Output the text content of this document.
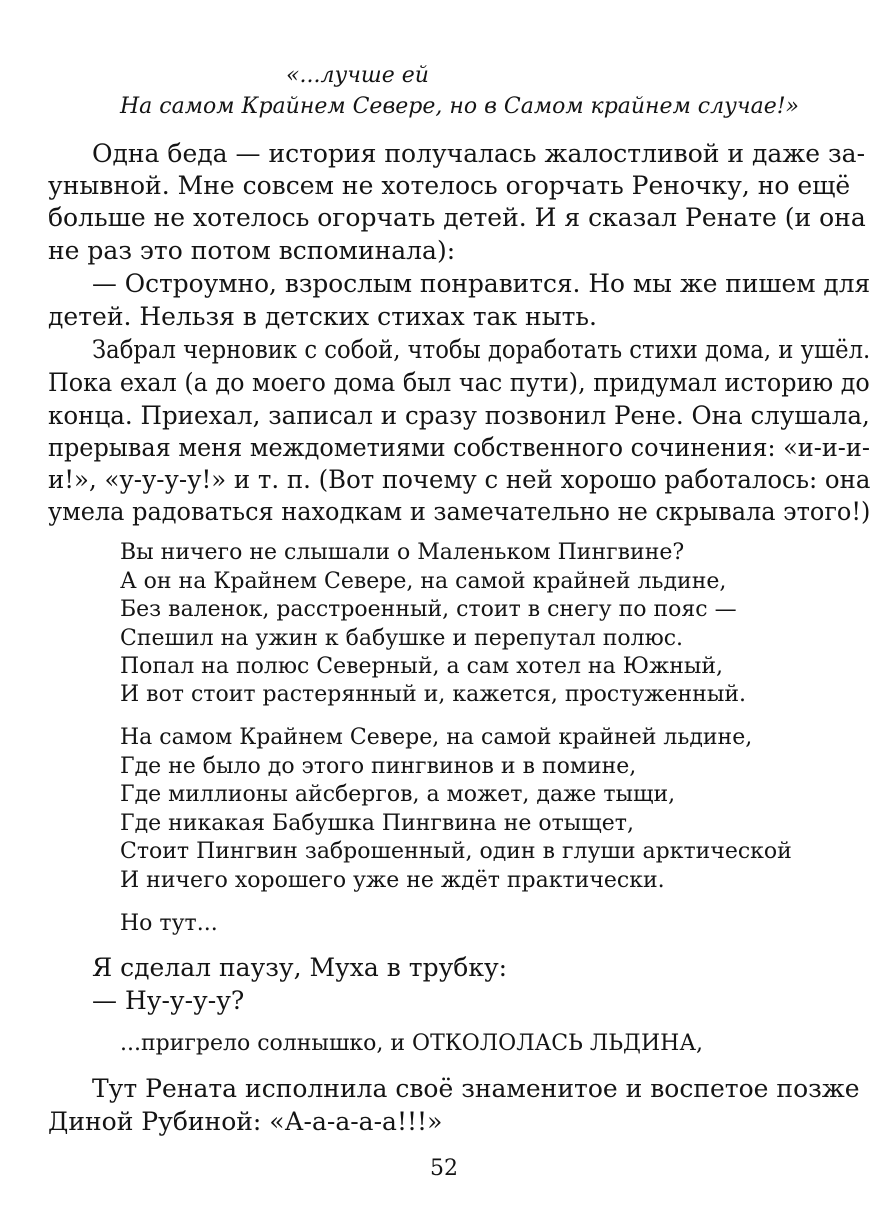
«...лучше ей
На самом Крайнем Севере, но в Самом крайнем случае!»
Одна беда — история получалась жалостливой и даже за-
унывной. Мне совсем не хотелось огорчать Реночку, но ещё
больше не хотелось огорчать детей. И я сказал Ренате (и она
не раз это потом вспоминала):
— Остроумно, взрослым понравится. Но мы же пишем для
детей. Нельзя в детских стихах так ныть.
Забрал черновик с собой, чтобы доработать стихи дома, и ушёл.
Пока ехал (а до моего дома был час пути), придумал историю до
конца. Приехал, записал и сразу позвонил Рене. Она слушала,
прерывая меня междометиями собственного сочинения: «и-и-и-
и!», «у-у-у-у!» и т. п. (Вот почему с ней хорошо работалось: она
умела радоваться находкам и замечательно не скрывала этого!)
Вы ничего не слышали о Маленьком Пингвине?
А он на Крайнем Севере, на самой крайней льдине,
Без валенок, расстроенный, стоит в снегу по пояс —
Спешил на ужин к бабушке и перепутал полюс.
Попал на полюс Северный, а сам хотел на Южный,
И вот стоит растерянный и, кажется, простуженный.
На самом Крайнем Севере, на самой крайней льдине,
Где не было до этого пингвинов и в помине,
Где миллионы айсбергов, а может, даже тыщи,
Где никакая Бабушка Пингвина не отыщет,
Стоит Пингвин заброшенный, один в глуши арктической
И ничего хорошего уже не ждёт практически.
Но тут...
Я сделал паузу, Муха в трубку:
— Ну-у-у-у?
...пригрело солнышко, и ОТКОЛОЛАСЬ ЛЬДИНА,
Тут Рената исполнила своё знаменитое и воспетое позже
Диной Рубиной: «А-а-а-а-а!!!»
52
